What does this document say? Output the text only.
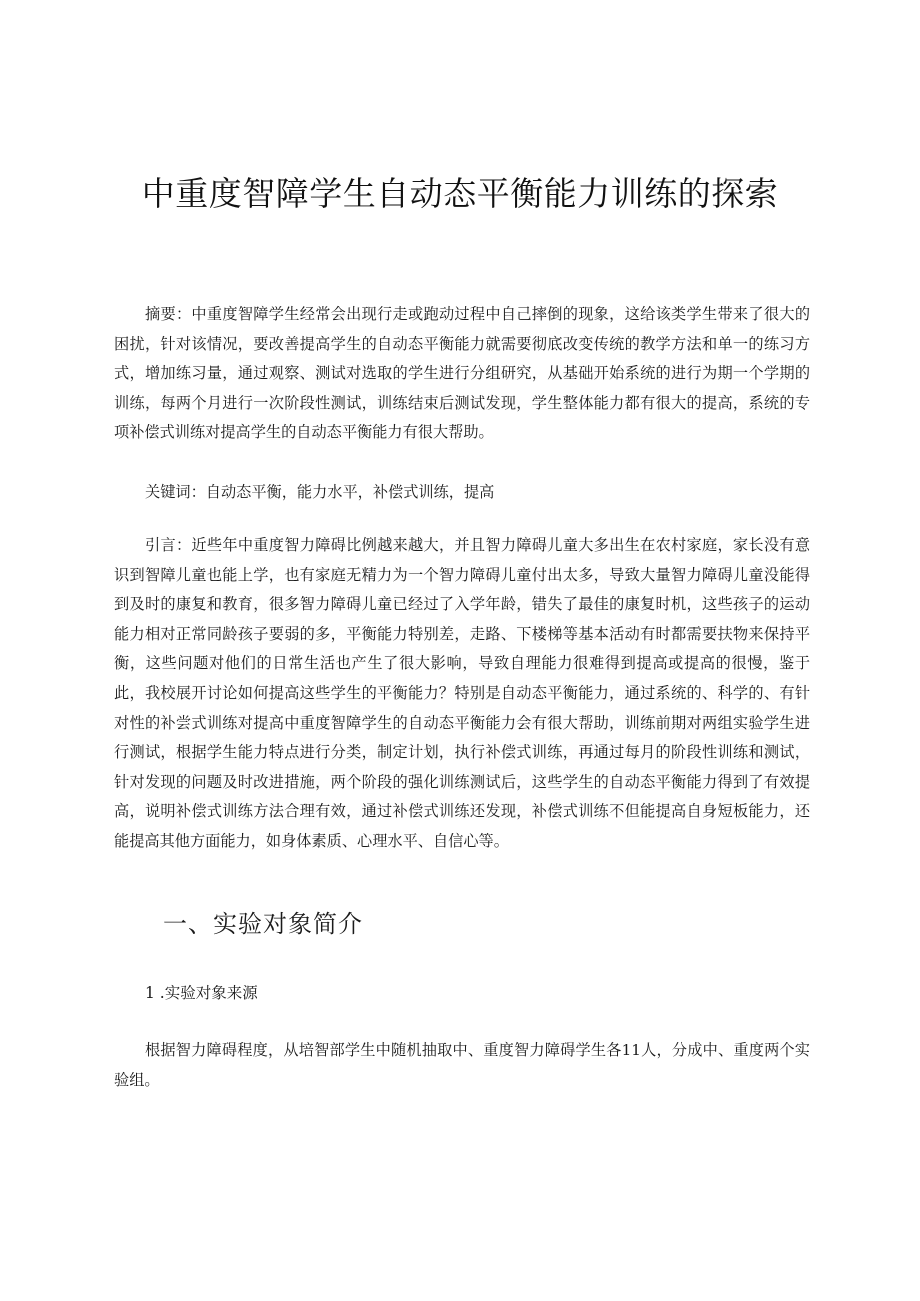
中重度智障学生自动态平衡能力训练的探索

摘要：中重度智障学生经常会出现行走或跑动过程中自己摔倒的现象，这给该类学生带来了很大的困扰，针对该情况，要改善提高学生的自动态平衡能力就需要彻底改变传统的教学方法和单一的练习方式，增加练习量，通过观察、测试对选取的学生进行分组研究，从基础开始系统的进行为期一个学期的训练，每两个月进行一次阶段性测试，训练结束后测试发现，学生整体能力都有很大的提高，系统的专项补偿式训练对提高学生的自动态平衡能力有很大帮助。

关键词：自动态平衡，能力水平，补偿式训练，提高

引言：近些年中重度智力障碍比例越来越大，并且智力障碍儿童大多出生在农村家庭，家长没有意识到智障儿童也能上学，也有家庭无精力为一个智力障碍儿童付出太多，导致大量智力障碍儿童没能得到及时的康复和教育，很多智力障碍儿童已经过了入学年龄，错失了最佳的康复时机，这些孩子的运动能力相对正常同龄孩子要弱的多，平衡能力特别差，走路、下楼梯等基本活动有时都需要扶物来保持平衡，这些问题对他们的日常生活也产生了很大影响，导致自理能力很难得到提高或提高的很慢，鉴于此，我校展开讨论如何提高这些学生的平衡能力？特别是自动态平衡能力，通过系统的、科学的、有针对性的补尝式训练对提高中重度智障学生的自动态平衡能力会有很大帮助，训练前期对两组实验学生进行测试，根据学生能力特点进行分类，制定计划，执行补偿式训练，再通过每月的阶段性训练和测试，针对发现的问题及时改进措施，两个阶段的强化训练测试后，这些学生的自动态平衡能力得到了有效提高，说明补偿式训练方法合理有效，通过补偿式训练还发现，补偿式训练不但能提高自身短板能力，还能提高其他方面能力，如身体素质、心理水平、自信心等。

一、实验对象简介
1 .实验对象来源

根据智力障碍程度，从培智部学生中随机抽取中、重度智力障碍学生各11人，分成中、重度两个实验组。
